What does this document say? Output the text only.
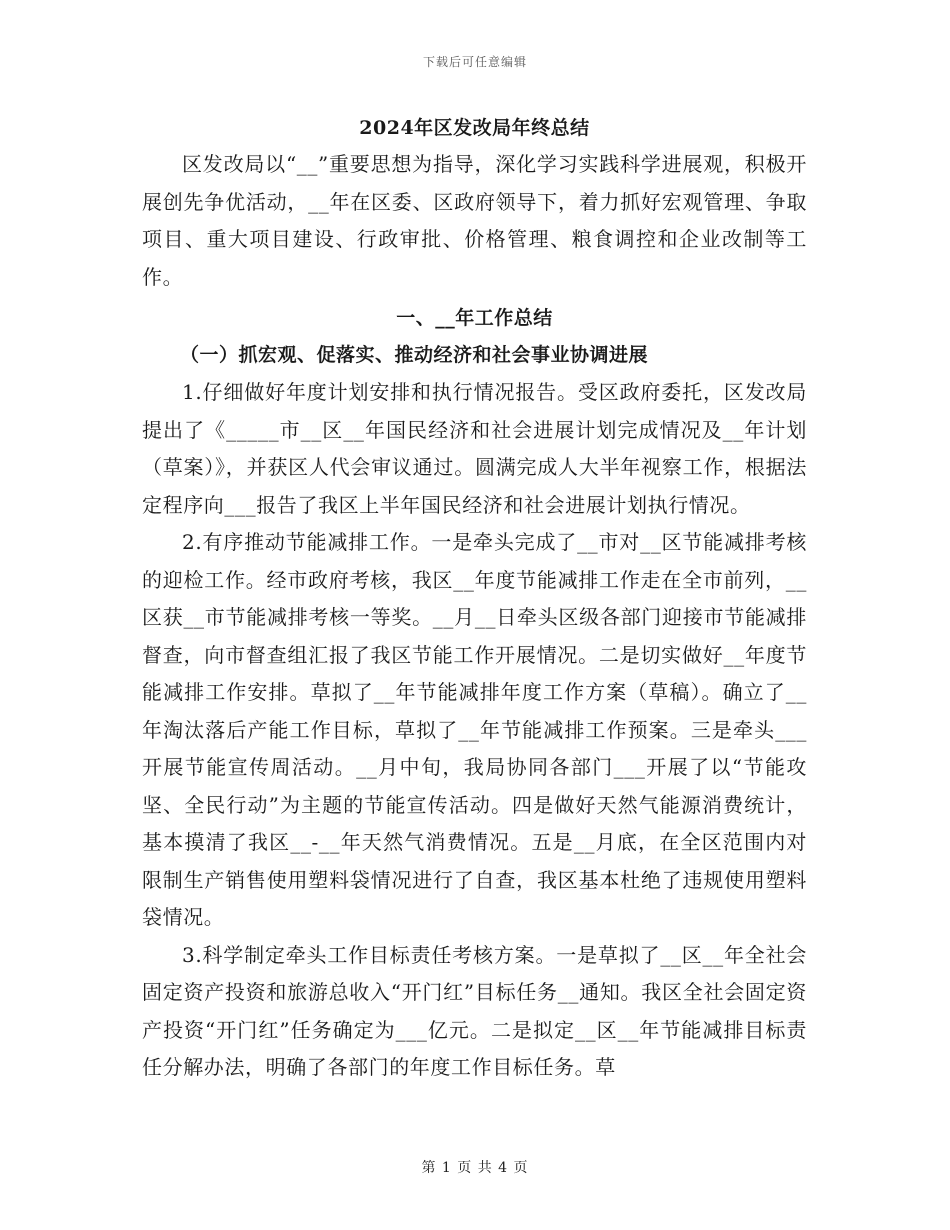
下载后可任意编辑
2024年区发改局年终总结

区发改局以“__”重要思想为指导，深化学习实践科学进展观，积极开展创先争优活动，__年在区委、区政府领导下，着力抓好宏观管理、争取项目、重大项目建设、行政审批、价格管理、粮食调控和企业改制等工作。

一、__年工作总结
（一）抓宏观、促落实、推动经济和社会事业协调进展

1.仔细做好年度计划安排和执行情况报告。受区政府委托，区发改局提出了《_____市__区__年国民经济和社会进展计划完成情况及__年计划（草案）》，并获区人代会审议通过。圆满完成人大半年视察工作，根据法定程序向___报告了我区上半年国民经济和社会进展计划执行情况。

2.有序推动节能减排工作。一是牵头完成了__市对__区节能减排考核的迎检工作。经市政府考核，我区__年度节能减排工作走在全市前列，__区获__市节能减排考核一等奖。__月__日牵头区级各部门迎接市节能减排督查，向市督查组汇报了我区节能工作开展情况。二是切实做好__年度节能减排工作安排。草拟了__年节能减排年度工作方案（草稿）。确立了__年淘汰落后产能工作目标，草拟了__年节能减排工作预案。三是牵头___开展节能宣传周活动。__月中旬，我局协同各部门___开展了以“节能攻坚、全民行动”为主题的节能宣传活动。四是做好天然气能源消费统计，基本摸清了我区__-__年天然气消费情况。五是__月底，在全区范围内对限制生产销售使用塑料袋情况进行了自查，我区基本杜绝了违规使用塑料袋情况。

3.科学制定牵头工作目标责任考核方案。一是草拟了__区__年全社会固定资产投资和旅游总收入“开门红”目标任务__通知。我区全社会固定资产投资“开门红”任务确定为___亿元。二是拟定__区__年节能减排目标责任分解办法，明确了各部门的年度工作目标任务。草

第 1 页 共 4 页
